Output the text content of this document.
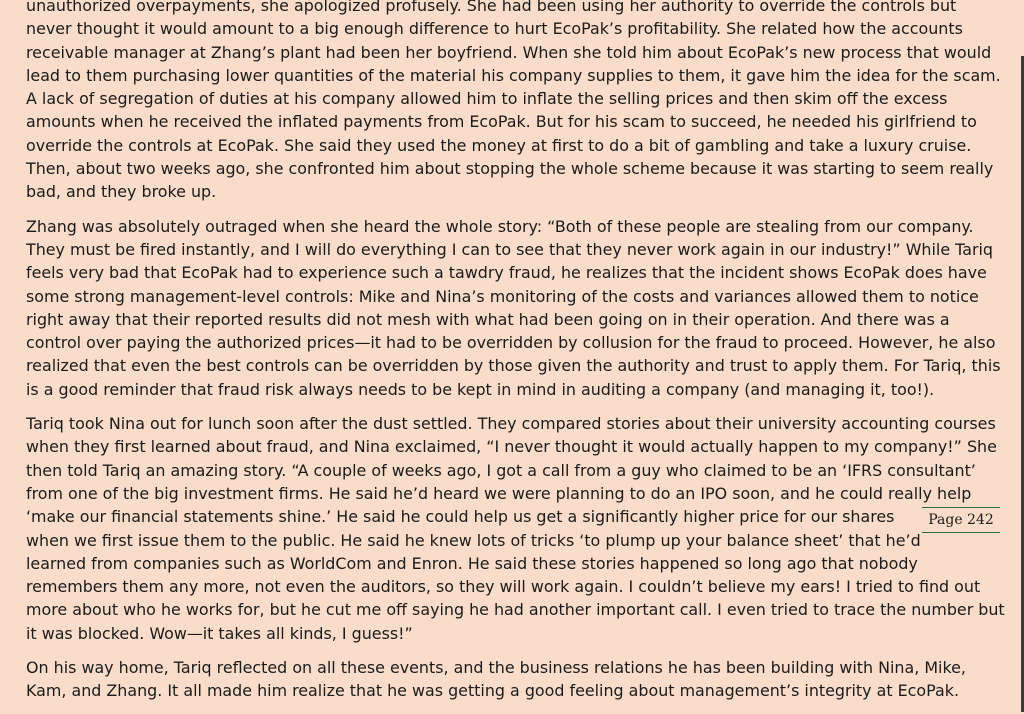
unauthorized overpayments, she apologized profusely. She had been using her authority to override the controls but
never thought it would amount to a big enough difference to hurt EcoPak’s profitability. She related how the accounts
receivable manager at Zhang’s plant had been her boyfriend. When she told him about EcoPak’s new process that would
lead to them purchasing lower quantities of the material his company supplies to them, it gave him the idea for the scam.
A lack of segregation of duties at his company allowed him to inflate the selling prices and then skim off the excess
amounts when he received the inflated payments from EcoPak. But for his scam to succeed, he needed his girlfriend to
override the controls at EcoPak. She said they used the money at first to do a bit of gambling and take a luxury cruise.
Then, about two weeks ago, she confronted him about stopping the whole scheme because it was starting to seem really
bad, and they broke up.

Zhang was absolutely outraged when she heard the whole story: “Both of these people are stealing from our company.
They must be fired instantly, and I will do everything I can to see that they never work again in our industry!” While Tariq
feels very bad that EcoPak had to experience such a tawdry fraud, he realizes that the incident shows EcoPak does have
some strong management-level controls: Mike and Nina’s monitoring of the costs and variances allowed them to notice
right away that their reported results did not mesh with what had been going on in their operation. And there was a
control over paying the authorized prices—it had to be overridden by collusion for the fraud to proceed. However, he also
realized that even the best controls can be overridden by those given the authority and trust to apply them. For Tariq, this
is a good reminder that fraud risk always needs to be kept in mind in auditing a company (and managing it, too!).

Tariq took Nina out for lunch soon after the dust settled. They compared stories about their university accounting courses
when they first learned about fraud, and Nina exclaimed, “I never thought it would actually happen to my company!” She
then told Tariq an amazing story. “A couple of weeks ago, I got a call from a guy who claimed to be an ‘IFRS consultant’
from one of the big investment firms. He said he’d heard we were planning to do an IPO soon, and he could really help
‘make our financial statements shine.’ He said he could help us get a significantly higher price for our shares
when we first issue them to the public. He said he knew lots of tricks ‘to plump up your balance sheet’ that he’d
learned from companies such as WorldCom and Enron. He said these stories happened so long ago that nobody
remembers them any more, not even the auditors, so they will work again. I couldn’t believe my ears! I tried to find out
more about who he works for, but he cut me off saying he had another important call. I even tried to trace the number but
it was blocked. Wow—it takes all kinds, I guess!”

On his way home, Tariq reflected on all these events, and the business relations he has been building with Nina, Mike,
Kam, and Zhang. It all made him realize that he was getting a good feeling about management’s integrity at EcoPak.

Page 242
